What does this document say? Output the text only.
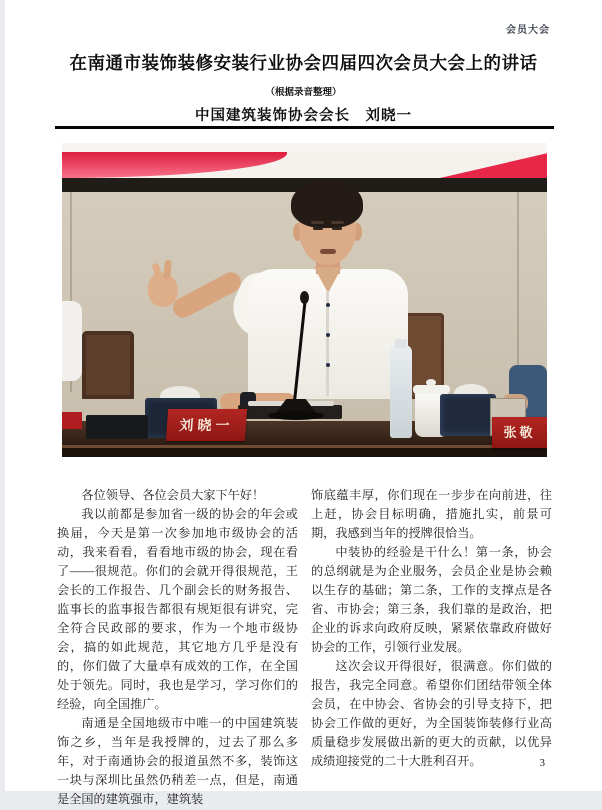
会员大会
在南通市装饰装修安装行业协会四届四次会员大会上的讲话
（根据录音整理）
中国建筑装饰协会会长　刘晓一
刘晓一	张敬

各位领导、各位会员大家下午好！

我以前都是参加省一级的协会的年会或换届，今天是第一次参加地市级协会的活动，我来看看，看看地市级的协会，现在看了——很规范。你们的会就开得很规范，王会长的工作报告、几个副会长的财务报告、监事长的监事报告都很有规矩很有讲究，完全符合民政部的要求，作为一个地市级协会，搞的如此规范，其它地方几乎是没有的，你们做了大量卓有成效的工作，在全国处于领先。同时，我也是学习，学习你们的经验，向全国推广。

南通是全国地级市中唯一的中国建筑装饰之乡，当年是我授牌的，过去了那么多年，对于南通协会的报道虽然不多，装饰这一块与深圳比虽然仍稍差一点，但是，南通是全国的建筑强市，建筑装

饰底蕴丰厚，你们现在一步步在向前进，往上赶，协会目标明确，措施扎实，前景可期，我感到当年的授牌很恰当。

中装协的经验是干什么！第一条，协会的总纲就是为企业服务，会员企业是协会赖以生存的基础；第二条，工作的支撑点是各省、市协会；第三条，我们靠的是政治，把企业的诉求向政府反映，紧紧依靠政府做好协会的工作，引领行业发展。

这次会议开得很好，很满意。你们做的报告，我完全同意。希望你们团结带领全体会员，在中协会、省协会的引导支持下，把协会工作做的更好，为全国装饰装修行业高质量稳步发展做出新的更大的贡献，以优异成绩迎接党的二十大胜利召开。	3
